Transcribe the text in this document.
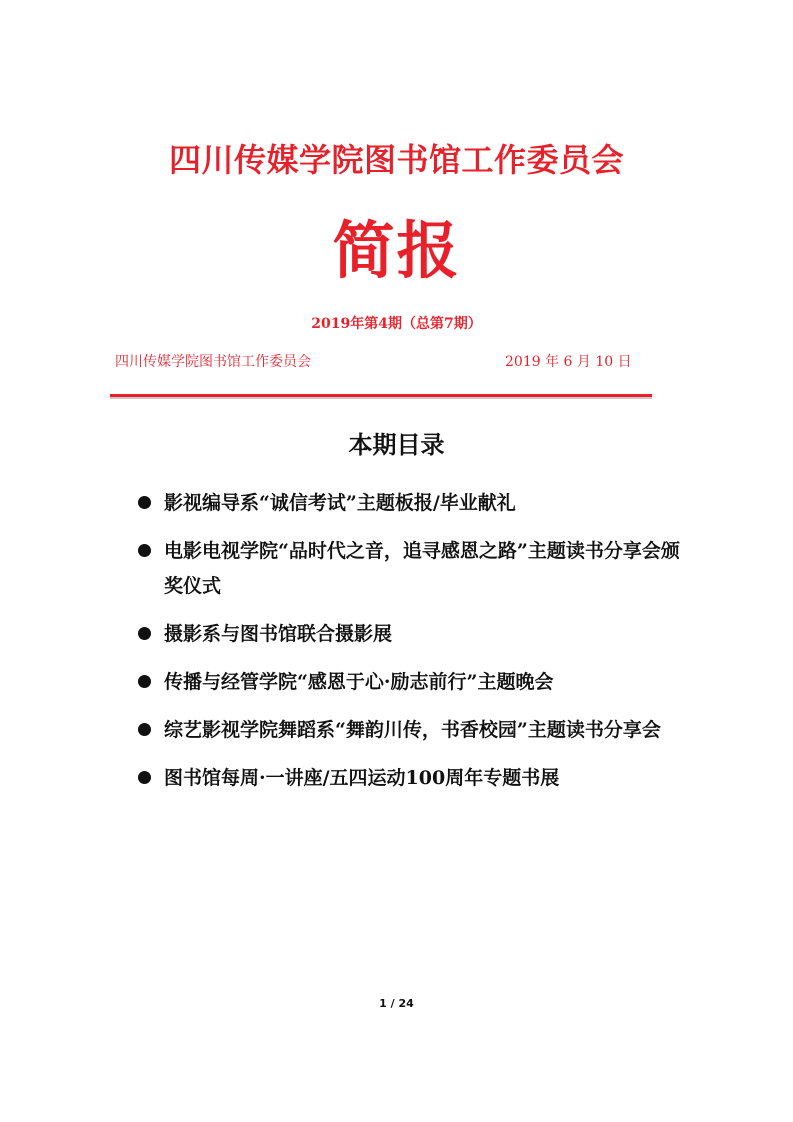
四川传媒学院图书馆工作委员会
简报
2019年第4期（总第7期）
四川传媒学院图书馆工作委员会	2019 年 6 月 10 日
本期目录
影视编导系“诚信考试”主题板报/毕业献礼
电影电视学院“品时代之音，追寻感恩之路”主题读书分享会颁奖仪式
摄影系与图书馆联合摄影展
传播与经管学院“感恩于心·励志前行”主题晚会
综艺影视学院舞蹈系“舞韵川传，书香校园”主题读书分享会
图书馆每周·一讲座/五四运动100周年专题书展
1 / 24
